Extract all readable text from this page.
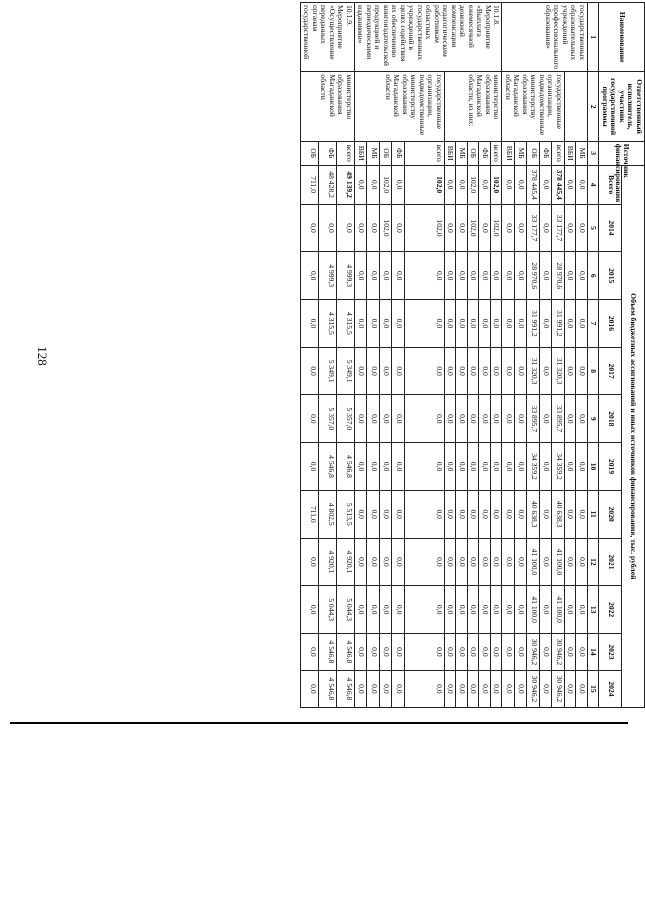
128
Наименование	Ответственный исполнитель, участник государственной программы	Источник финансирования	Объем бюджетных ассигнований и иных источников финансирования, тыс. рублей											
			Всего	2014	2015	2016	2017	2018	2019	2020	2021	2022	2023	2024
1	2	3	4	5	6	7	8	9	10	11	12	13	14	15
государственных образовательных учреждений профессионального образования»		МБ	0,0	0,0	0,0	0,0	0,0	0,0	0,0	0,0	0,0	0,0	0,0	0,0
		ВБИ	0,0	0,0	0,0	0,0	0,0	0,0	0,0	0,0	0,0	0,0	0,0	0,0
	государственные организации, подведомственные министерству образования Магаданской области	всего	378 445,4	33 177,7	28 970,6	31 991,2	31 320,3	33 895,7	34 359,2	40 638,3	41 100,0	41 100,0	30 946,2	30 946,2
		ФБ	0,0	0,0	0,0	0,0	0,0	0,0	0,0	0,0	0,0	0,0	0,0	0,0
		ОБ	378 445,4	33 177,7	28 970,6	31 991,2	31 320,3	33 895,7	34 359,2	40 638,3	41 100,0	41 100,0	30 946,2	30 946,2
		МБ	0,0	0,0	0,0	0,0	0,0	0,0	0,0	0,0	0,0	0,0	0,0	0,0
		ВБИ	0,0	0,0	0,0	0,0	0,0	0,0	0,0	0,0	0,0	0,0	0,0	0,0
10.1.8. Мероприятие «Выплата ежемесячной денежной компенсации педагогическим работникам областных государственных учреждений в целях содействия их обеспечению книгоиздательской продукцией и периодическими изданиями»	министерство образования Магаданской области, из них:	всего	102,0	102,0	0,0	0,0	0,0	0,0	0,0	0,0	0,0	0,0	0,0	0,0
		ФБ	0,0	0,0	0,0	0,0	0,0	0,0	0,0	0,0	0,0	0,0	0,0	0,0
		ОБ	102,0	102,0	0,0	0,0	0,0	0,0	0,0	0,0	0,0	0,0	0,0	0,0
		МБ	0,0	0,0	0,0	0,0	0,0	0,0	0,0	0,0	0,0	0,0	0,0	0,0
		ВБИ	0,0	0,0	0,0	0,0	0,0	0,0	0,0	0,0	0,0	0,0	0,0	0,0
	государственные организации, подведомственные министерству образования Магаданской области	всего	102,0	102,0	0,0	0,0	0,0	0,0	0,0	0,0	0,0	0,0	0,0	0,0
		ФБ	0,0	0,0	0,0	0,0	0,0	0,0	0,0	0,0	0,0	0,0	0,0	0,0
		ОБ	102,0	102,0	0,0	0,0	0,0	0,0	0,0	0,0	0,0	0,0	0,0	0,0
		МБ	0,0	0,0	0,0	0,0	0,0	0,0	0,0	0,0	0,0	0,0	0,0	0,0
		ВБИ	0,0	0,0	0,0	0,0	0,0	0,0	0,0	0,0	0,0	0,0	0,0	0,0
10.1.9. Мероприятие «Осуществление переданных органам государственной	министерство образования Магаданской области	всего	49 139,2	0,0	4 999,3	4 315,5	5 349,1	5 357,0	4 546,8	5 513,5	4 920,1	5 044,3	4 546,8	4 546,8
		ФБ	48 428,2	0,0	4 999,3	4 315,5	5 349,1	5 357,0	4 546,8	4 802,5	4 920,1	5 044,3	4 546,8	4 546,8
		ОБ	711,0	0,0	0,0	0,0	0,0	0,0	0,0	711,0	0,0	0,0	0,0	0,0
